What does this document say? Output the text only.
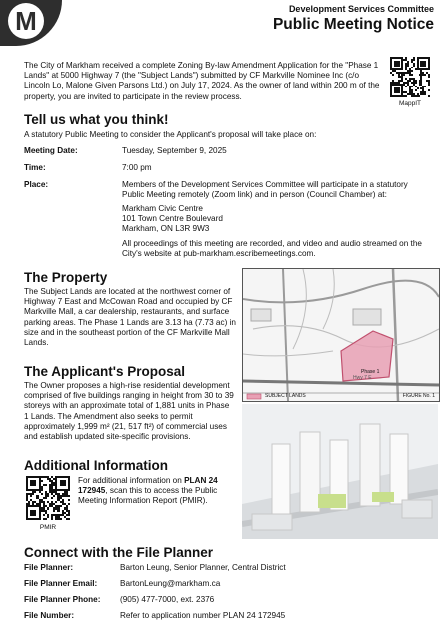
M	Development Services Committee
Public Meeting Notice
The City of Markham received a complete Zoning By-law Amendment Application for the "Phase 1 Lands" at 5000 Highway 7 (the "Subject Lands") submitted by CF Markville Nominee Inc (c/o Lincoln Lo, Malone Given Parsons Ltd.) on July 17, 2024. As the owner of land within 200 m of the property, you are invited to participate in the review process.
MappIT
Tell us what you think!
A statutory Public Meeting to consider the Applicant's proposal will take place on:
Meeting Date:	Tuesday, September 9, 2025
Time:	7:00 pm
Place:	Members of the Development Services Committee will participate in a statutory Public Meeting remotely (Zoom link) and in person (Council Chamber) at:
Markham Civic Centre
101 Town Centre Boulevard
Markham, ON L3R 9W3
All proceedings of this meeting are recorded, and video and audio streamed on the City's website at pub-markham.escribemeetings.com.
The Property
The Subject Lands are located at the northwest corner of Highway 7 East and McCowan Road and occupied by CF Markville Mall, a car dealership, restaurants, and surface parking areas. The Phase 1 Lands are 3.13 ha (7.73 ac) in size and in the southeast portion of the CF Markville Mall Lands.
SUBJECT LANDS	FIGURE No. 1
Phase 1
Hwy 7 E
The Applicant's Proposal
The Owner proposes a high-rise residential development comprised of five buildings ranging in height from 30 to 39 storeys with an approximate total of 1,881 units in Phase 1 Lands. The Amendment also seeks to permit approximately 1,999 m² (21, 517 ft²) of commercial uses and establish updated site-specific provisions.
Additional Information
PMIR
For additional information on PLAN 24 172945, scan this to access the Public Meeting Information Report (PMIR).
Connect with the File Planner
File Planner:	Barton Leung, Senior Planner, Central District
File Planner Email:	BartonLeung@markham.ca
File Planner Phone: (905) 477-7000, ext. 2376
File Number:	Refer to application number PLAN 24 172945
